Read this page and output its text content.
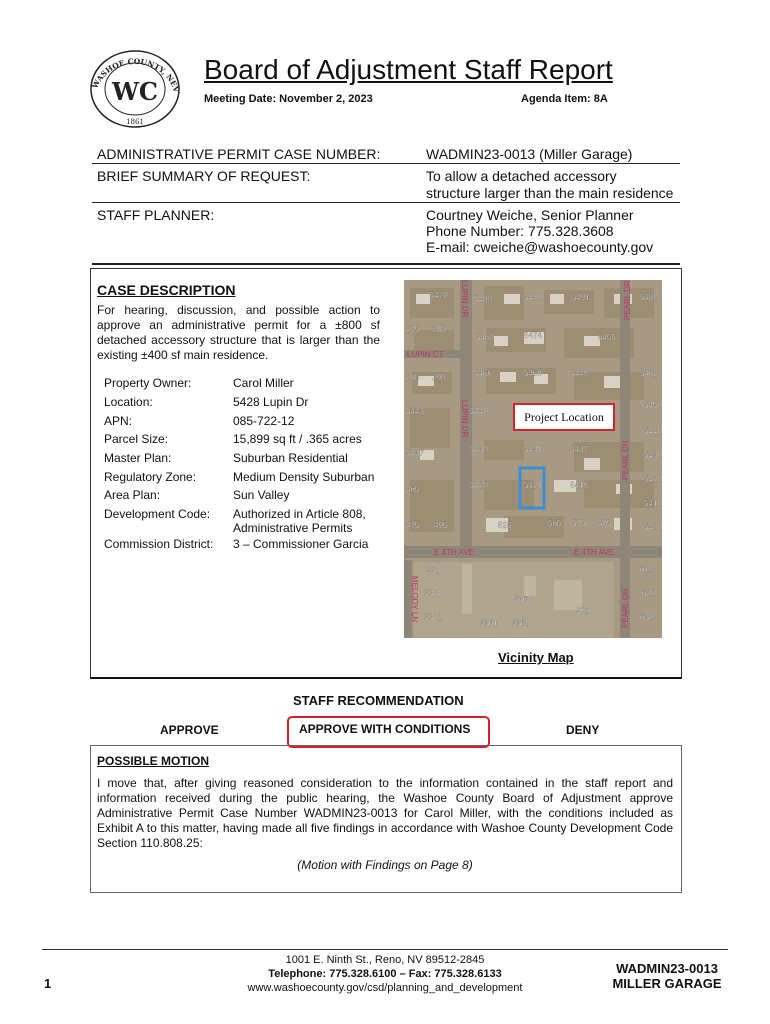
WASHOE COUNTY, NEV
1861
WC
Board of Adjustment Staff Report
Meeting Date: November 2, 2023	Agenda Item: 8A
ADMINISTRATIVE PERMIT CASE NUMBER:	WADMIN23-0013 (Miller Garage)
BRIEF SUMMARY OF REQUEST:	To allow a detached accessory
structure larger than the main residence
STAFF PLANNER:	Courtney Weiche, Senior Planner
Phone Number: 775.328.3608
E-mail: cweiche@washoecounty.gov
CASE DESCRIPTION
For hearing, discussion, and possible action to approve an administrative permit for a ±800 sf detached accessory structure that is larger than the existing ±400 sf main residence.
Property Owner:	Carol Miller
Location:	5428 Lupin Dr
APN:	085-722-12
Parcel Size:	15,899 sq ft / .365 acres
Master Plan:	Suburban Residential
Regulatory Zone:	Medium Density Suburban
Area Plan:	Sun Valley
Development Code: Authorized in Article 808,
Administrative Permits
Commission District: 3 – Commissioner Garcia
LUPIN DR	PEARL DR
LUPIN CT
E 4TH AVE	E 4TH AVE
MELODY LN
LUPIN DR
PEARL DR
PEARL DR
5470	5480	5470	5491	5480
275 285
5460	5474	5455
280 290	5466	5468	5449	5462
5443	5440
5450
5437	5430	5438	5437
5440
5430
465	5420	5428	5419
5420
5410
475 495	525	565 575 585	5400
450	610
5388
5368
620
5382
570
630
5361 5360
Project Location
Vicinity Map
STAFF RECOMMENDATION
APPROVE	APPROVE WITH CONDITIONS	DENY
POSSIBLE MOTION
I move that, after giving reasoned consideration to the information contained in the staff report and information received during the public hearing, the Washoe County Board of Adjustment approve Administrative Permit Case Number WADMIN23-0013 for Carol Miller, with the conditions included as Exhibit A to this matter, having made all five findings in accordance with Washoe County Development Code Section 110.808.25:
(Motion with Findings on Page 8)
1
1001 E. Ninth St., Reno, NV 89512-2845
Telephone: 775.328.6100 – Fax: 775.328.6133
www.washoecounty.gov/csd/planning_and_development
WADMIN23-0013
MILLER GARAGE
